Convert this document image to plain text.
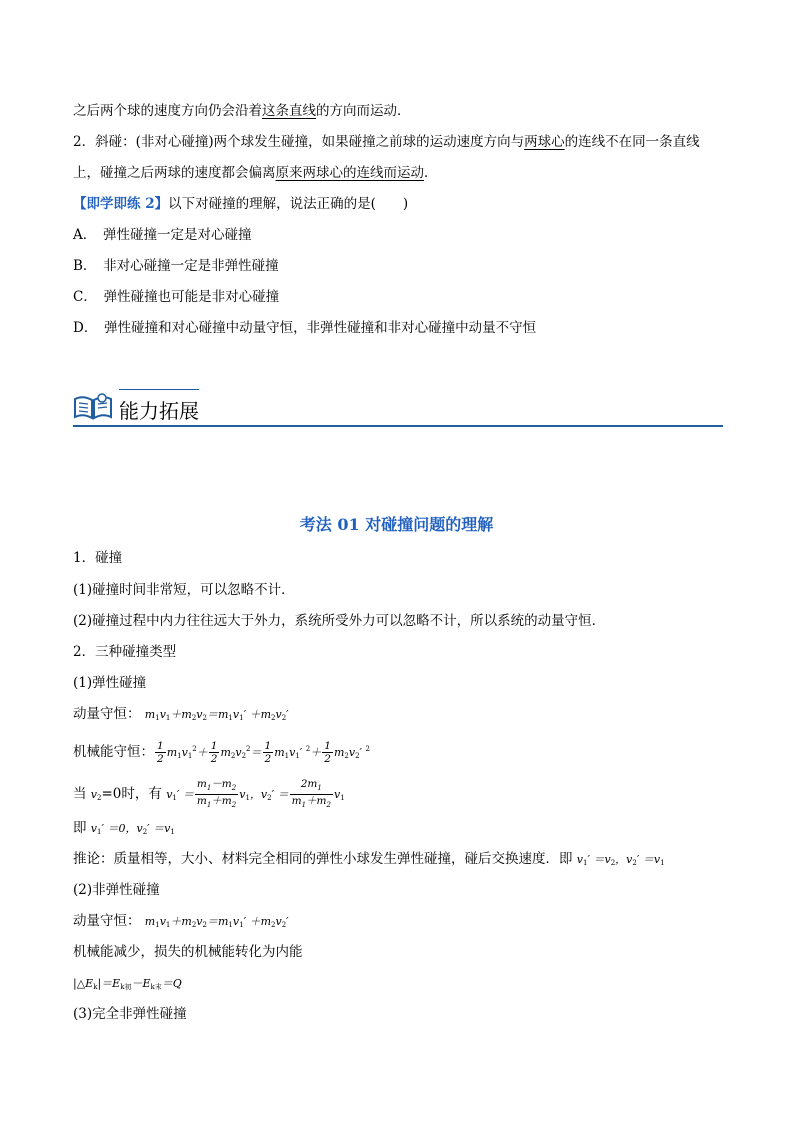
之后两个球的速度方向仍会沿着这条直线的方向而运动．
2．斜碰：(非对心碰撞)两个球发生碰撞，如果碰撞之前球的运动速度方向与两球心的连线不在同一条直线
上，碰撞之后两球的速度都会偏离原来两球心的连线而运动．
【即学即练 2】以下对碰撞的理解，说法正确的是(　　)
A．　弹性碰撞一定是对心碰撞
B．　非对心碰撞一定是非弹性碰撞
C．　弹性碰撞也可能是非对心碰撞
D．　弹性碰撞和对心碰撞中动量守恒，非弹性碰撞和非对心碰撞中动量不守恒
能力拓展
考法 01 对碰撞问题的理解
1．碰撞
(1)碰撞时间非常短，可以忽略不计．
(2)碰撞过程中内力往往远大于外力，系统所受外力可以忽略不计，所以系统的动量守恒．
2．三种碰撞类型
(1)弹性碰撞
动量守恒： $m_1v_1+m_2v_2=m_1v_1' +m_2v_2'$
机械能守恒： $\frac{1}{2} m_1v_1^2+ \frac{1}{2} m_2v_2^2= \frac{1}{2} m_1v_1'$ $^2+ \frac{1}{2} m_2v_2'$ $^2$
当 $v_2=0$时，有 $v_1' = \frac{m_1-m_2}{m_1+m_2} v_1$，$v_2' = \frac{2m_1}{m_1+m_2} v_1$
即 $v_1' =0$，$v_2' =v_1$
推论：质量相等，大小、材料完全相同的弹性小球发生弹性碰撞，碰后交换速度．即 $v_1' =v_2$，$v_2' =v_1$
(2)非弹性碰撞
动量守恒： $m_1v_1+m_2v_2=m_1v_1' +m_2v_2'$
机械能减少，损失的机械能转化为内能
$|\triangle E_k|=E_{k初}-E_{k末}=Q$
(3)完全非弹性碰撞
